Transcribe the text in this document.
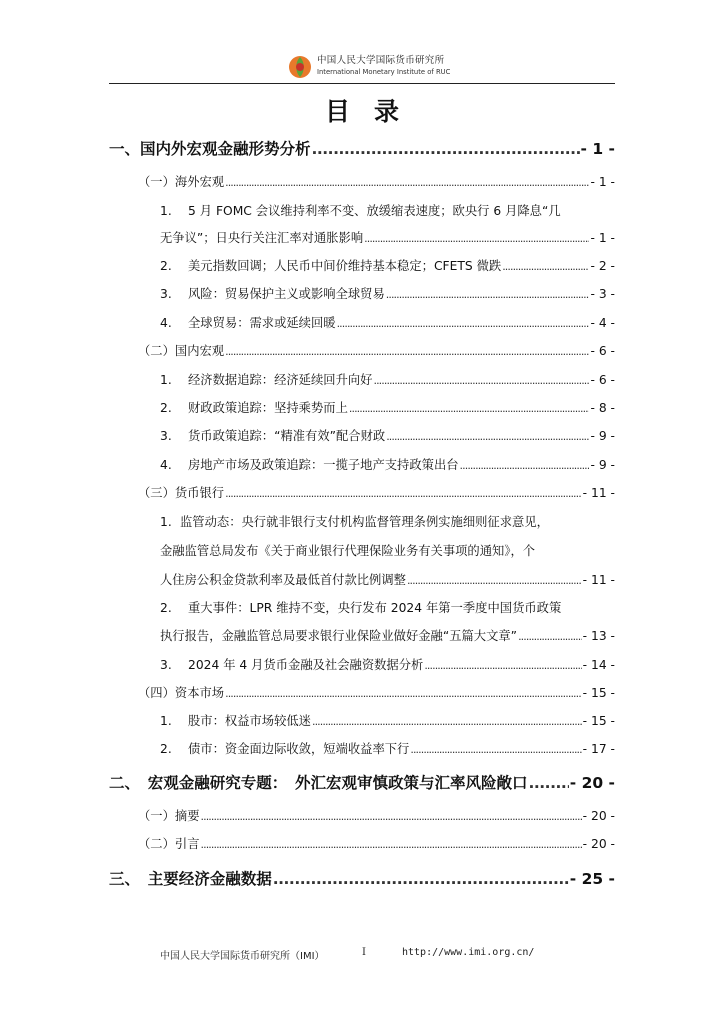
中国人民大学国际货币研究所
International Monetary Institute of RUC
目录
一、国内外宏观金融形势分析 .....	- 1 -
（一）海外宏观 .....	- 1 -
1. 5 月 FOMC 会议维持利率不变、放缓缩表速度；欧央行 6 月降息“几
无争议”；日央行关注汇率对通胀影响 .....	- 1 -
2. 美元指数回调；人民币中间价维持基本稳定；CFETS 微跌 .....	- 2 -
3. 风险：贸易保护主义或影响全球贸易 .....	- 3 -
4. 全球贸易：需求或延续回暖 .....	- 4 -
（二）国内宏观 .....	- 6 -
1. 经济数据追踪：经济延续回升向好 .....	- 6 -
2. 财政政策追踪：坚持乘势而上 .....	- 8 -
3. 货币政策追踪：“精准有效”配合财政 .....	- 9 -
4. 房地产市场及政策追踪：一揽子地产支持政策出台 .....	- 9 -
（三）货币银行 .....	- 11 -
1. 监管动态：央行就非银行支付机构监督管理条例实施细则征求意见，
金融监管总局发布《关于商业银行代理保险业务有关事项的通知》，个
人住房公积金贷款利率及最低首付款比例调整 .....	- 11 -
2. 重大事件：LPR 维持不变，央行发布 2024 年第一季度中国货币政策
执行报告，金融监管总局要求银行业保险业做好金融“五篇大文章” .....	- 13 -
3. 2024 年 4 月货币金融及社会融资数据分析 .....	- 14 -
（四）资本市场 .....	- 15 -
1. 股市：权益市场较低迷 .....	- 15 -
2. 债市：资金面边际收敛，短端收益率下行 .....	- 17 -
二、　宏观金融研究专题：　外汇宏观审慎政策与汇率风险敞口 .....	- 20 -
（一）摘要 .....	- 20 -
（二）引言 .....	- 20 -
三、　主要经济金融数据 .....	- 25 -
中国人民大学国际货币研究所（IMI）	I	http://www.imi.org.cn/
